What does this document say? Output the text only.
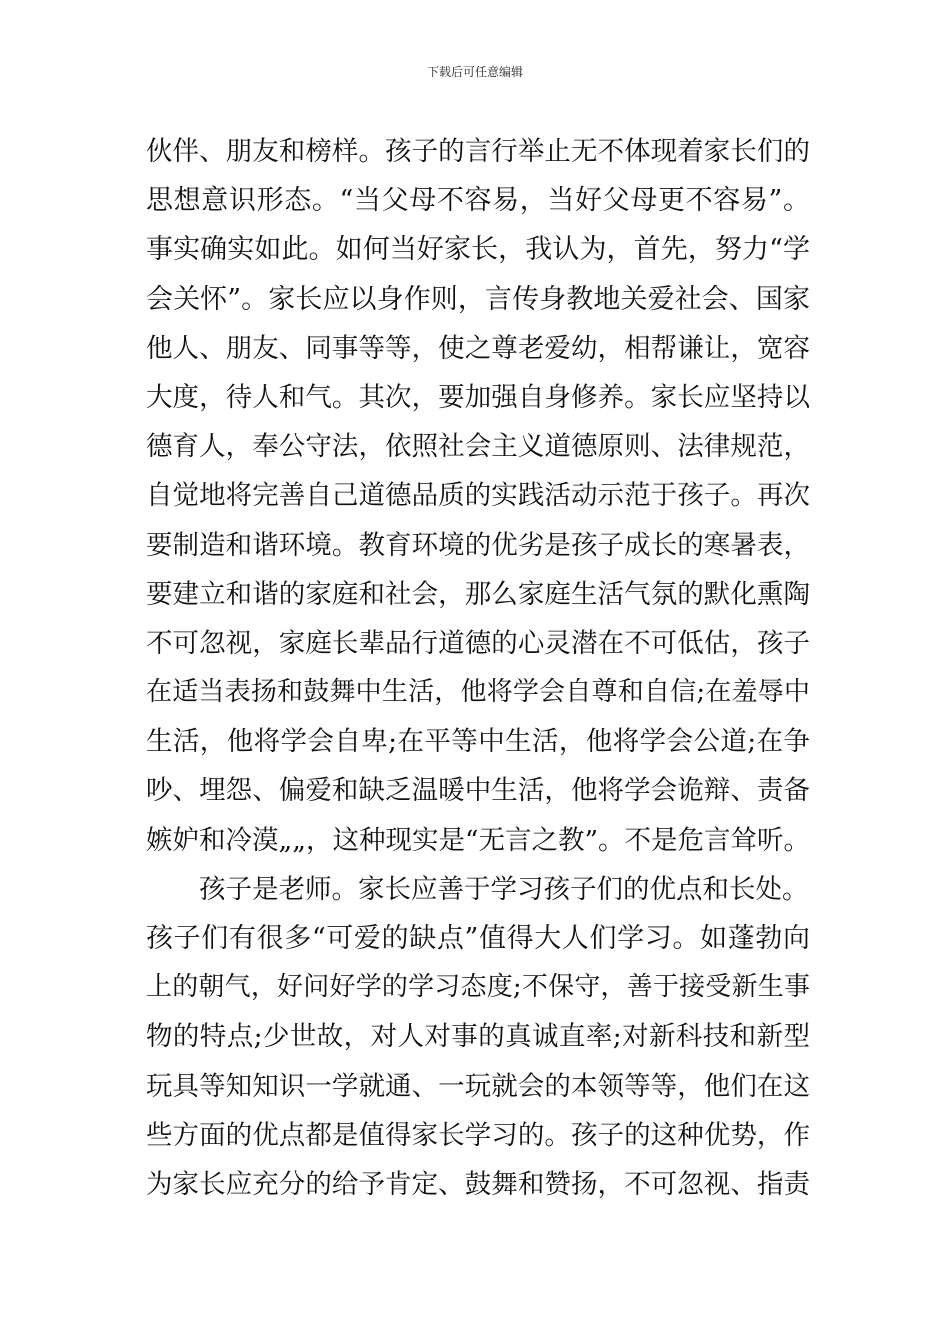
下载后可任意编辑
伙伴、朋友和榜样。孩子的言行举止无不体现着家长们的
思想意识形态。“当父母不容易，当好父母更不容易”。
事实确实如此。如何当好家长，我认为，首先，努力“学
会关怀”。家长应以身作则，言传身教地关爱社会、国家
他人、朋友、同事等等，使之尊老爱幼，相帮谦让，宽容
大度，待人和气。其次，要加强自身修养。家长应坚持以
德育人，奉公守法，依照社会主义道德原则、法律规范，
自觉地将完善自己道德品质的实践活动示范于孩子。再次
要制造和谐环境。教育环境的优劣是孩子成长的寒暑表，
要建立和谐的家庭和社会，那么家庭生活气氛的默化熏陶
不可忽视，家庭长辈品行道德的心灵潜在不可低估，孩子
在适当表扬和鼓舞中生活，他将学会自尊和自信;在羞辱中
生活，他将学会自卑;在平等中生活，他将学会公道;在争
吵、埋怨、偏爱和缺乏温暖中生活，他将学会诡辩、责备
嫉妒和冷漠„„，这种现实是“无言之教”。不是危言耸听。
　　孩子是老师。家长应善于学习孩子们的优点和长处。
孩子们有很多“可爱的缺点”值得大人们学习。如蓬勃向
上的朝气，好问好学的学习态度;不保守，善于接受新生事
物的特点;少世故，对人对事的真诚直率;对新科技和新型
玩具等知知识一学就通、一玩就会的本领等等，他们在这
些方面的优点都是值得家长学习的。孩子的这种优势，作
为家长应充分的给予肯定、鼓舞和赞扬，不可忽视、指责
